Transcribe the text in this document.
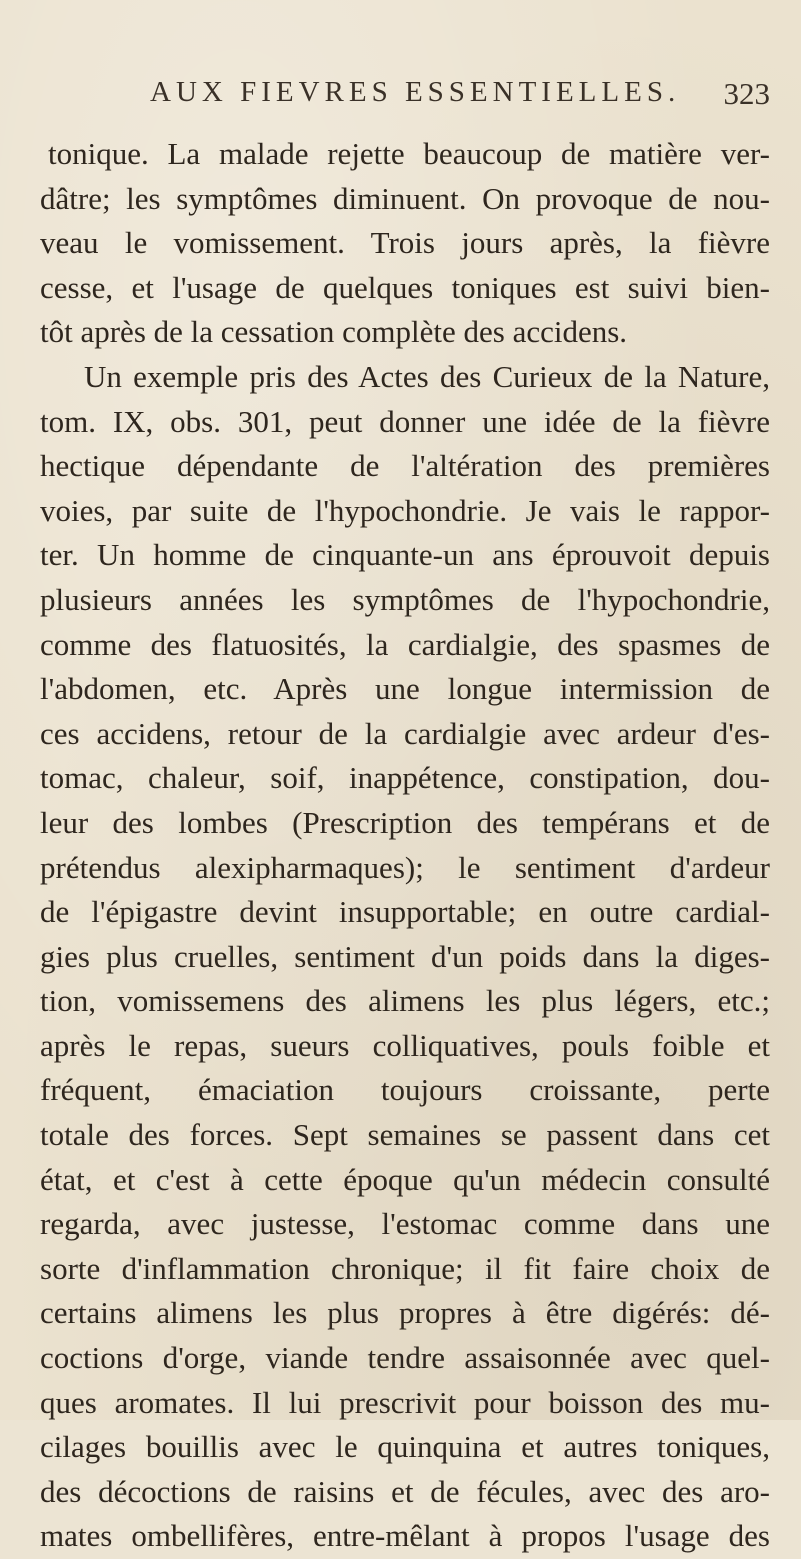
AUX FIEVRES ESSENTIELLES. 323
tonique. La malade rejette beaucoup de matière ver-
dâtre; les symptômes diminuent. On provoque de nou-
veau le vomissement. Trois jours après, la fièvre
cesse, et l'usage de quelques toniques est suivi bien-
tôt après de la cessation complète des accidens.
Un exemple pris des Actes des Curieux de la Nature,
tom. IX, obs. 301, peut donner une idée de la fièvre
hectique dépendante de l'altération des premières
voies, par suite de l'hypochondrie. Je vais le rappor-
ter. Un homme de cinquante-un ans éprouvoit depuis
plusieurs années les symptômes de l'hypochondrie,
comme des flatuosités, la cardialgie, des spasmes de
l'abdomen, etc. Après une longue intermission de
ces accidens, retour de la cardialgie avec ardeur d'es-
tomac, chaleur, soif, inappétence, constipation, dou-
leur des lombes (Prescription des tempérans et de
prétendus alexipharmaques); le sentiment d'ardeur
de l'épigastre devint insupportable; en outre cardial-
gies plus cruelles, sentiment d'un poids dans la diges-
tion, vomissemens des alimens les plus légers, etc.;
après le repas, sueurs colliquatives, pouls foible et
fréquent, émaciation toujours croissante, perte
totale des forces. Sept semaines se passent dans cet
état, et c'est à cette époque qu'un médecin consulté
regarda, avec justesse, l'estomac comme dans une
sorte d'inflammation chronique; il fit faire choix de
certains alimens les plus propres à être digérés: dé-
coctions d'orge, viande tendre assaisonnée avec quel-
ques aromates. Il lui prescrivit pour boisson des mu-
cilages bouillis avec le quinquina et autres toniques,
des décoctions de raisins et de fécules, avec des aro-
mates ombellifères, entre-mêlant à propos l'usage des
